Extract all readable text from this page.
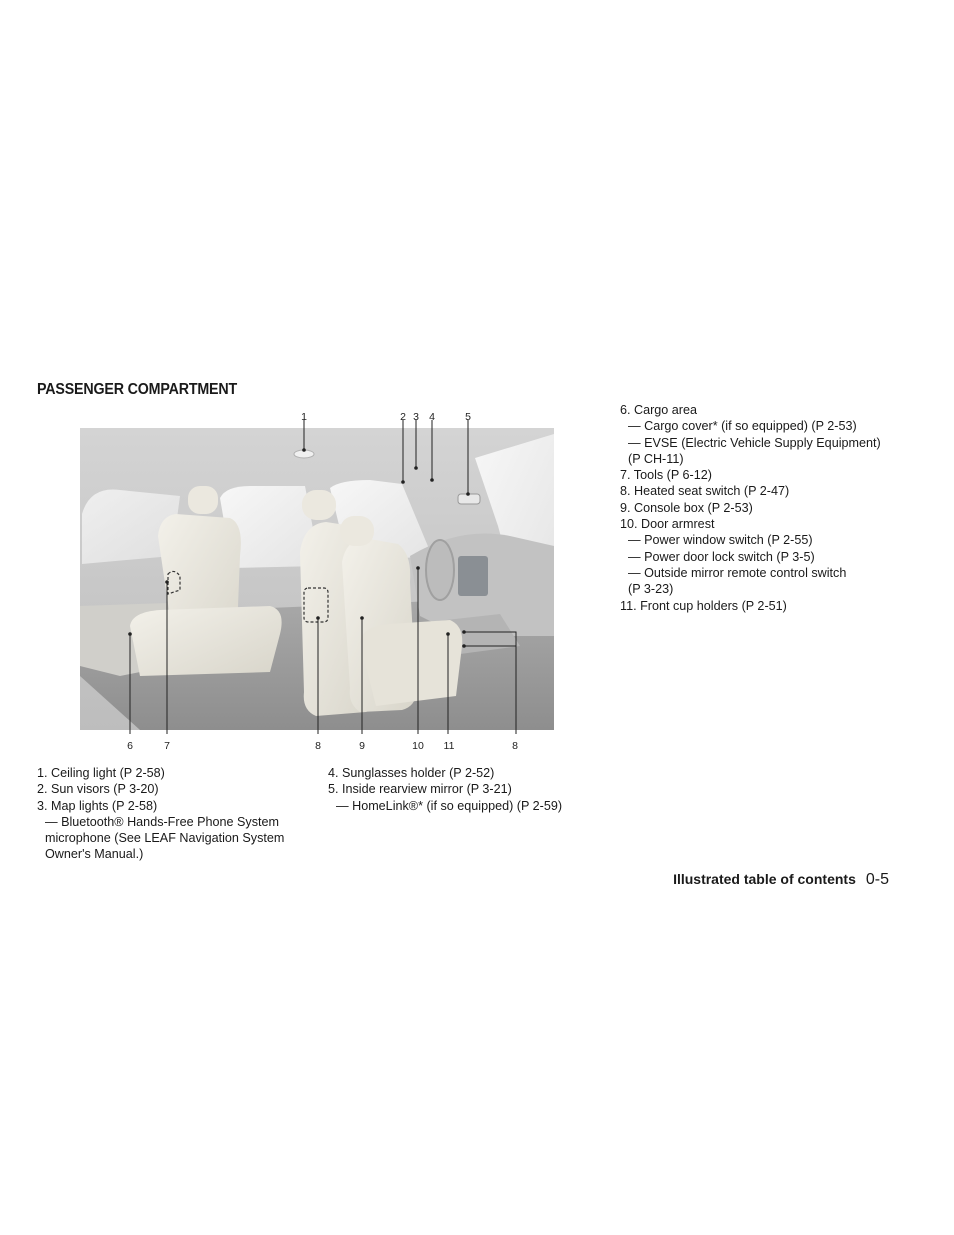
PASSENGER COMPARTMENT
1	2 3 4	5
6	7	8	9	10	11	8
1. Ceiling light (P 2-58)
2. Sun visors (P 3-20)
3. Map lights (P 2-58)
— Bluetooth® Hands-Free Phone System
microphone (See LEAF Navigation System
Owner's Manual.)
4. Sunglasses holder (P 2-52)
5. Inside rearview mirror (P 3-21)
— HomeLink®* (if so equipped) (P 2-59)
6. Cargo area
— Cargo cover* (if so equipped) (P 2-53)
— EVSE (Electric Vehicle Supply Equipment)
(P CH-11)
7. Tools (P 6-12)
8. Heated seat switch (P 2-47)
9. Console box (P 2-53)
10. Door armrest
— Power window switch (P 2-55)
— Power door lock switch (P 3-5)
— Outside mirror remote control switch
(P 3-23)
11. Front cup holders (P 2-51)
Illustrated table of contents 0-5
